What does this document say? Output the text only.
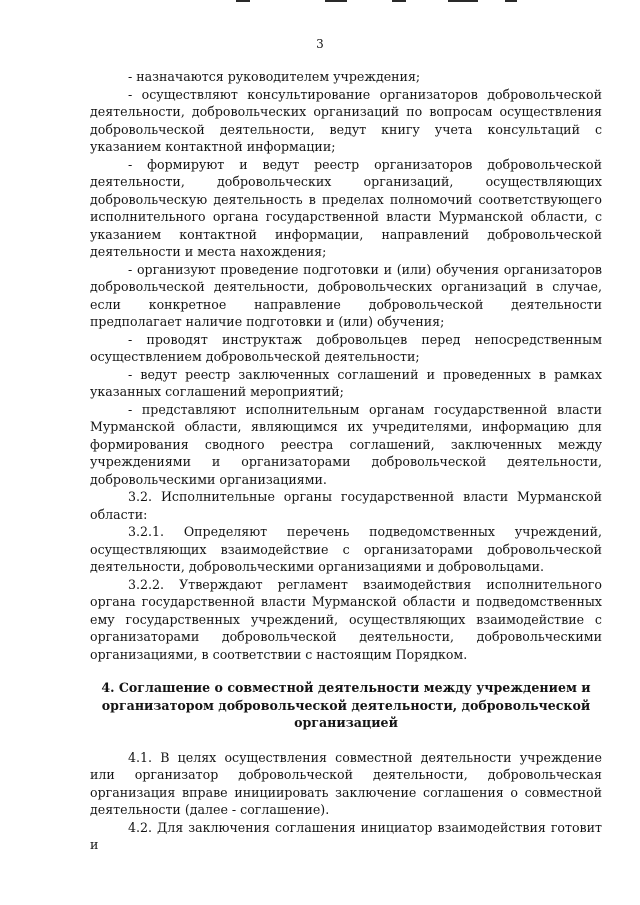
3

- назначаются руководителем учреждения;

- осуществляют консультирование организаторов добровольческой деятельности, добровольческих организаций по вопросам осуществления добровольческой деятельности, ведут книгу учета консультаций с указанием контактной информации;

- формируют и ведут реестр организаторов добровольческой деятельности, добровольческих организаций, осуществляющих добровольческую деятельность в пределах полномочий соответствующего исполнительного органа государственной власти Мурманской области, с указанием контактной информации, направлений добровольческой деятельности и места нахождения;

- организуют проведение подготовки и (или) обучения организаторов добровольческой деятельности, добровольческих организаций в случае, если конкретное направление добровольческой деятельности предполагает наличие подготовки и (или) обучения;

- проводят инструктаж добровольцев перед непосредственным осуществлением добровольческой деятельности;

- ведут реестр заключенных соглашений и проведенных в рамках указанных соглашений мероприятий;

- представляют исполнительным органам государственной власти Мурманской области, являющимся их учредителями, информацию для формирования сводного реестра соглашений, заключенных между учреждениями и организаторами добровольческой деятельности, добровольческими организациями.

3.2. Исполнительные органы государственной власти Мурманской области:

3.2.1. Определяют перечень подведомственных учреждений, осуществляющих взаимодействие с организаторами добровольческой деятельности, добровольческими организациями и добровольцами.

3.2.2. Утверждают регламент взаимодействия исполнительного органа государственной власти Мурманской области и подведомственных ему государственных учреждений, осуществляющих взаимодействие с организаторами добровольческой деятельности, добровольческими организациями, в соответствии с настоящим Порядком.

4. Соглашение о совместной деятельности между учреждением и организатором добровольческой деятельности, добровольческой организацией

4.1. В целях осуществления совместной деятельности учреждение или организатор добровольческой деятельности, добровольческая организация вправе инициировать заключение соглашения о совместной деятельности (далее - соглашение).

4.2. Для заключения соглашения инициатор взаимодействия готовит и
